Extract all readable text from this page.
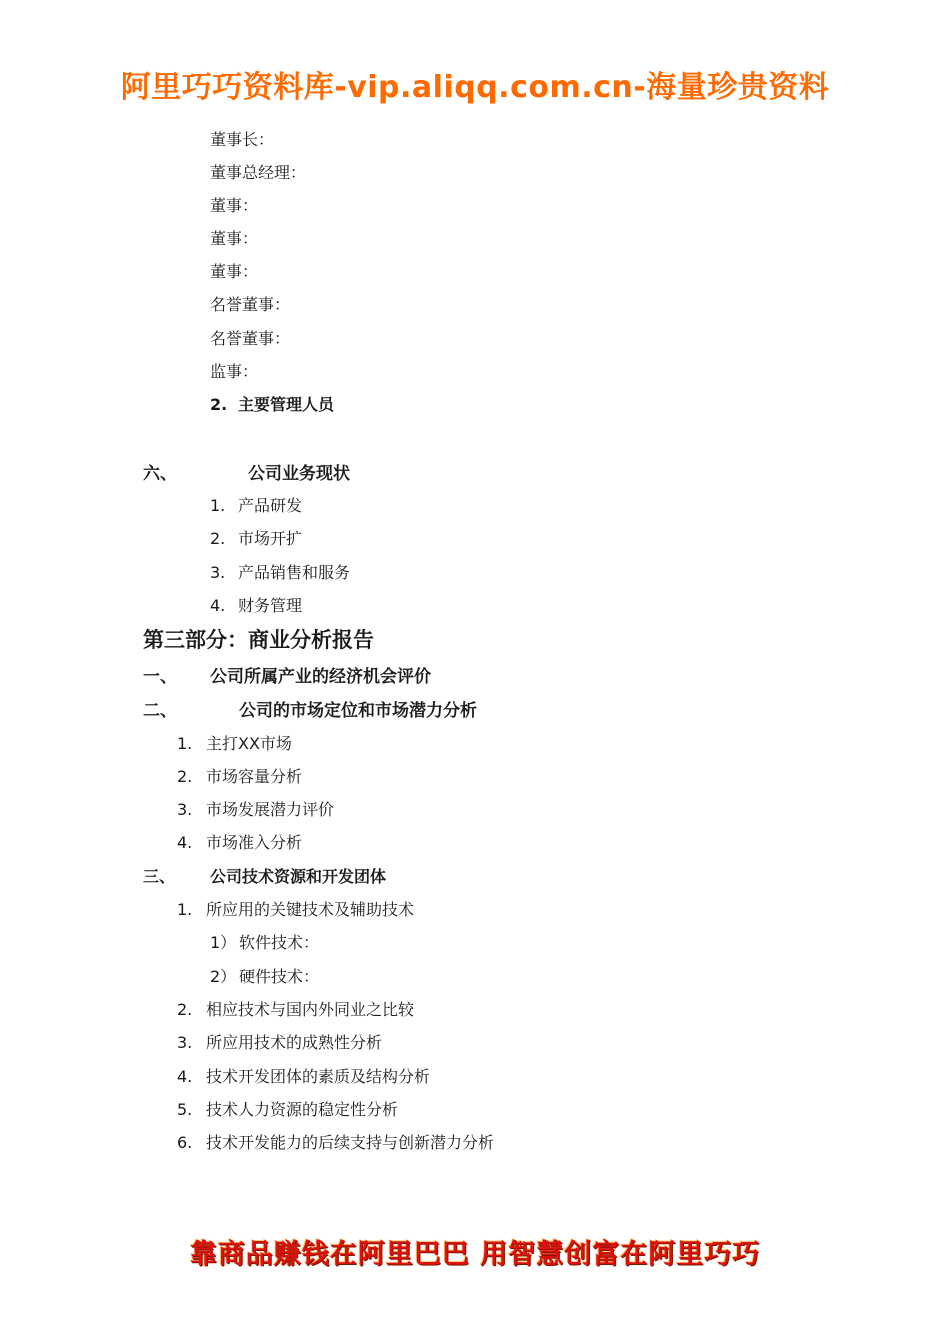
阿里巧巧资料库-vip.aliqq.com.cn-海量珍贵资料
董事长：
董事总经理：
董事：
董事：
董事：
名誉董事：
名誉董事：
监事：
2. 主要管理人员
六、	公司业务现状
1. 产品研发
2. 市场开扩
3. 产品销售和服务
4. 财务管理
第三部分：商业分析报告
一、 公司所属产业的经济机会评价
二、	公司的市场定位和市场潜力分析
1. 主打XX市场
2. 市场容量分析
3. 市场发展潜力评价
4. 市场准入分析
三、 公司技术资源和开发团体
1. 所应用的关键技术及辅助技术
1） 软件技术：
2） 硬件技术：
2. 相应技术与国内外同业之比较
3. 所应用技术的成熟性分析
4. 技术开发团体的素质及结构分析
5. 技术人力资源的稳定性分析
6. 技术开发能力的后续支持与创新潜力分析
靠商品赚钱在阿里巴巴 用智慧创富在阿里巧巧
